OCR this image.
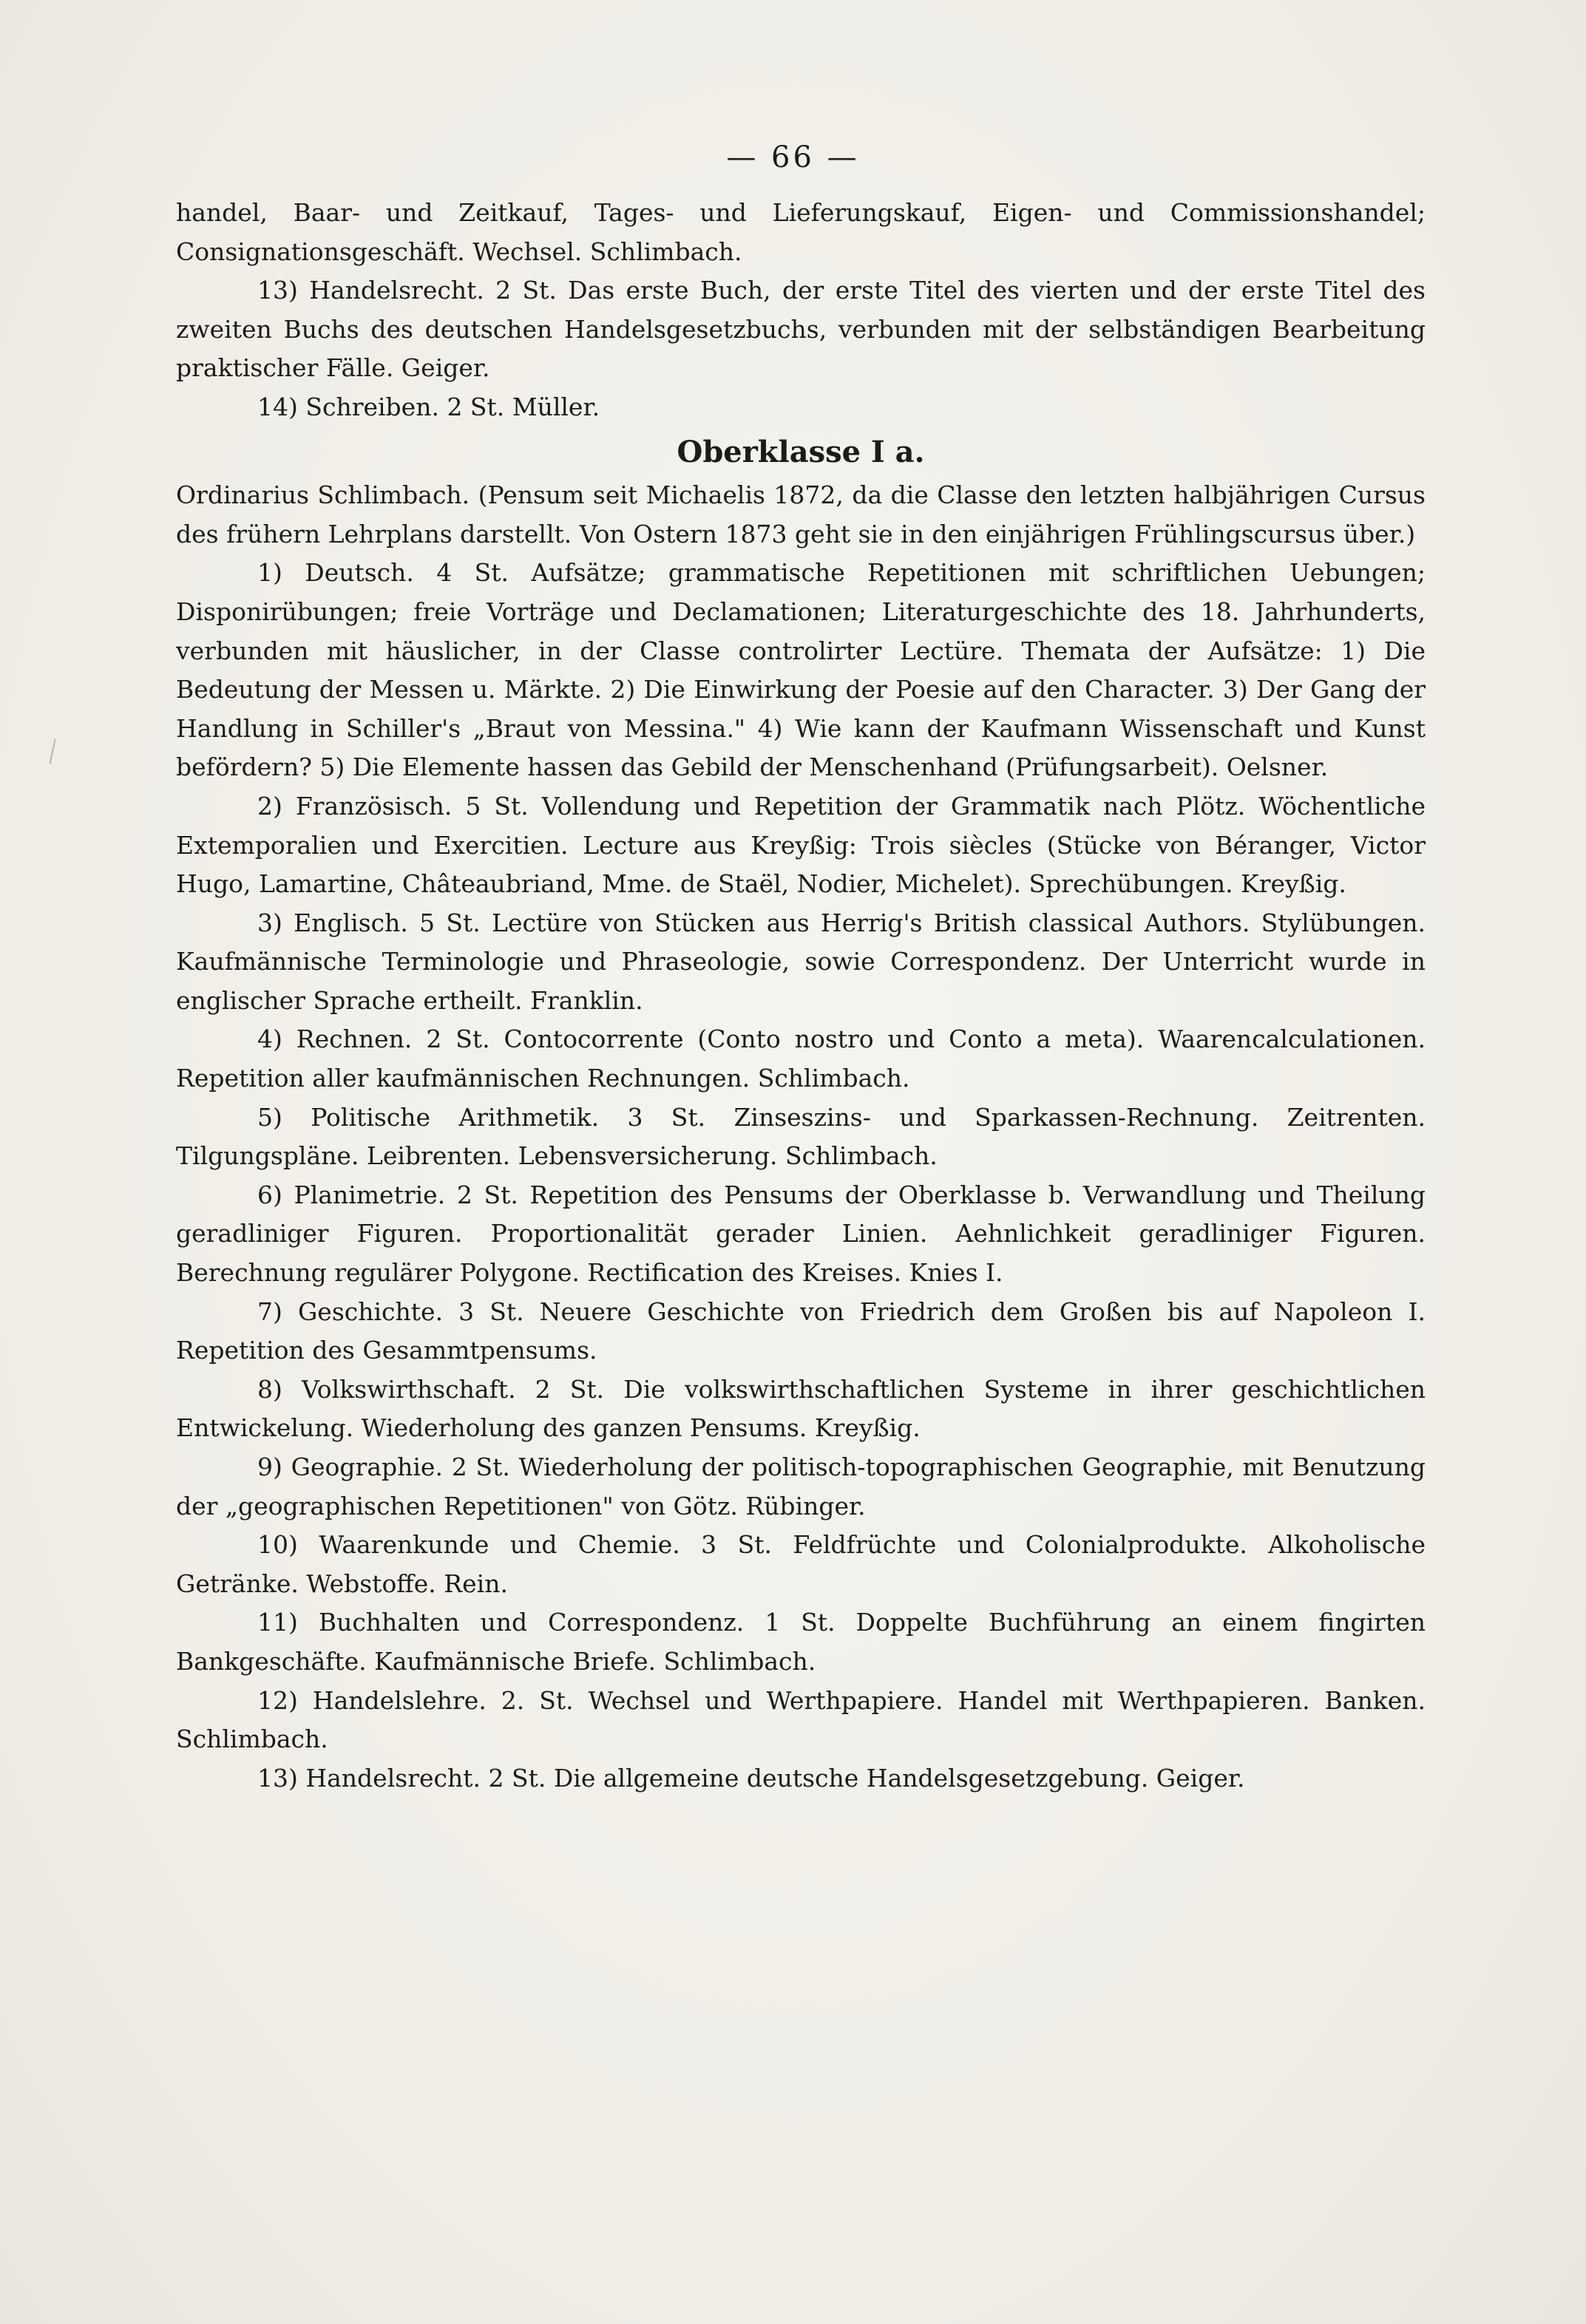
— 66 —

handel, Baar- und Zeitkauf, Tages- und Lieferungskauf, Eigen- und Commissionshandel; Consignationsgeschäft. Wechsel. Schlimbach.

13) Handelsrecht. 2 St. Das erste Buch, der erste Titel des vierten und der erste Titel des zweiten Buchs des deutschen Handelsgesetzbuchs, verbunden mit der selbständigen Bearbeitung praktischer Fälle. Geiger.

14) Schreiben. 2 St. Müller.

Oberklasse I a.

Ordinarius Schlimbach. (Pensum seit Michaelis 1872, da die Classe den letzten halbjährigen Cursus des frühern Lehrplans darstellt. Von Ostern 1873 geht sie in den einjährigen Frühlingscursus über.)

1) Deutsch. 4 St. Aufsätze; grammatische Repetitionen mit schriftlichen Uebungen; Disponirübungen; freie Vorträge und Declamationen; Literaturgeschichte des 18. Jahrhunderts, verbunden mit häuslicher, in der Classe controlirter Lectüre. Themata der Aufsätze: 1) Die Bedeutung der Messen u. Märkte. 2) Die Einwirkung der Poesie auf den Character. 3) Der Gang der Handlung in Schiller's „Braut von Messina." 4) Wie kann der Kaufmann Wissenschaft und Kunst befördern? 5) Die Elemente hassen das Gebild der Menschenhand (Prüfungsarbeit). Oelsner.

2) Französisch. 5 St. Vollendung und Repetition der Grammatik nach Plötz. Wöchentliche Extemporalien und Exercitien. Lecture aus Kreyßig: Trois siècles (Stücke von Béranger, Victor Hugo, Lamartine, Châteaubriand, Mme. de Staël, Nodier, Michelet). Sprechübungen. Kreyßig.

3) Englisch. 5 St. Lectüre von Stücken aus Herrig's British classical Authors. Stylübungen. Kaufmännische Terminologie und Phraseologie, sowie Correspondenz. Der Unterricht wurde in englischer Sprache ertheilt. Franklin.

4) Rechnen. 2 St. Contocorrente (Conto nostro und Conto a meta). Waarencalculationen. Repetition aller kaufmännischen Rechnungen. Schlimbach.

5) Politische Arithmetik. 3 St. Zinseszins- und Sparkassen-Rechnung. Zeitrenten. Tilgungspläne. Leibrenten. Lebensversicherung. Schlimbach.

6) Planimetrie. 2 St. Repetition des Pensums der Oberklasse b. Verwandlung und Theilung geradliniger Figuren. Proportionalität gerader Linien. Aehnlichkeit geradliniger Figuren. Berechnung regulärer Polygone. Rectification des Kreises. Knies I.

7) Geschichte. 3 St. Neuere Geschichte von Friedrich dem Großen bis auf Napoleon I. Repetition des Gesammtpensums.

8) Volkswirthschaft. 2 St. Die volkswirthschaftlichen Systeme in ihrer geschichtlichen Entwickelung. Wiederholung des ganzen Pensums. Kreyßig.

9) Geographie. 2 St. Wiederholung der politisch-topographischen Geographie, mit Benutzung der „geographischen Repetitionen" von Götz. Rübinger.

10) Waarenkunde und Chemie. 3 St. Feldfrüchte und Colonialprodukte. Alkoholische Getränke. Webstoffe. Rein.

11) Buchhalten und Correspondenz. 1 St. Doppelte Buchführung an einem fingirten Bankgeschäfte. Kaufmännische Briefe. Schlimbach.

12) Handelslehre. 2. St. Wechsel und Werthpapiere. Handel mit Werthpapieren. Banken. Schlimbach.

13) Handelsrecht. 2 St. Die allgemeine deutsche Handelsgesetzgebung. Geiger.
